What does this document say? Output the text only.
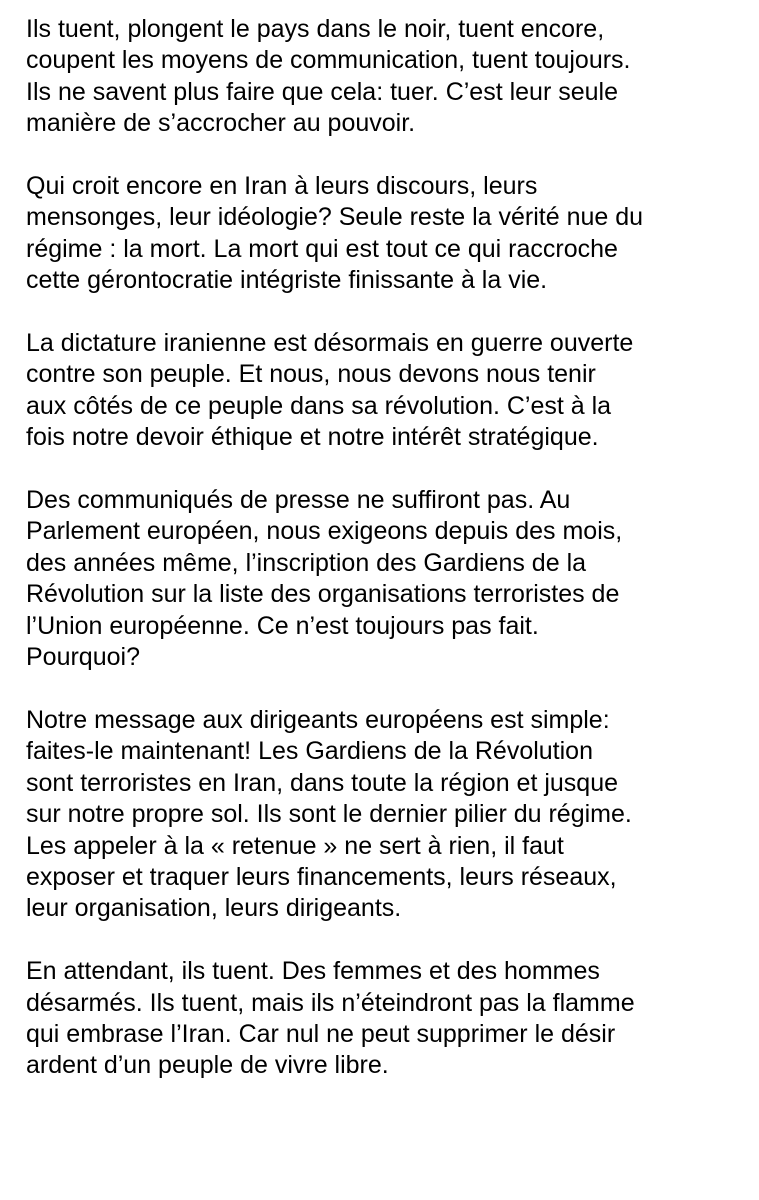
Ils tuent, plongent le pays dans le noir, tuent encore,
coupent les moyens de communication, tuent toujours.
Ils ne savent plus faire que cela: tuer. C’est leur seule
manière de s’accrocher au pouvoir.

Qui croit encore en Iran à leurs discours, leurs
mensonges, leur idéologie? Seule reste la vérité nue du
régime : la mort. La mort qui est tout ce qui raccroche
cette gérontocratie intégriste finissante à la vie.

La dictature iranienne est désormais en guerre ouverte
contre son peuple. Et nous, nous devons nous tenir
aux côtés de ce peuple dans sa révolution. C’est à la
fois notre devoir éthique et notre intérêt stratégique.

Des communiqués de presse ne suffiront pas. Au
Parlement européen, nous exigeons depuis des mois,
des années même, l’inscription des Gardiens de la
Révolution sur la liste des organisations terroristes de
l’Union européenne. Ce n’est toujours pas fait.
Pourquoi?

Notre message aux dirigeants européens est simple:
faites-le maintenant! Les Gardiens de la Révolution
sont terroristes en Iran, dans toute la région et jusque
sur notre propre sol. Ils sont le dernier pilier du régime.
Les appeler à la « retenue » ne sert à rien, il faut
exposer et traquer leurs financements, leurs réseaux,
leur organisation, leurs dirigeants.

En attendant, ils tuent. Des femmes et des hommes
désarmés. Ils tuent, mais ils n’éteindront pas la flamme
qui embrase l’Iran. Car nul ne peut supprimer le désir
ardent d’un peuple de vivre libre.
